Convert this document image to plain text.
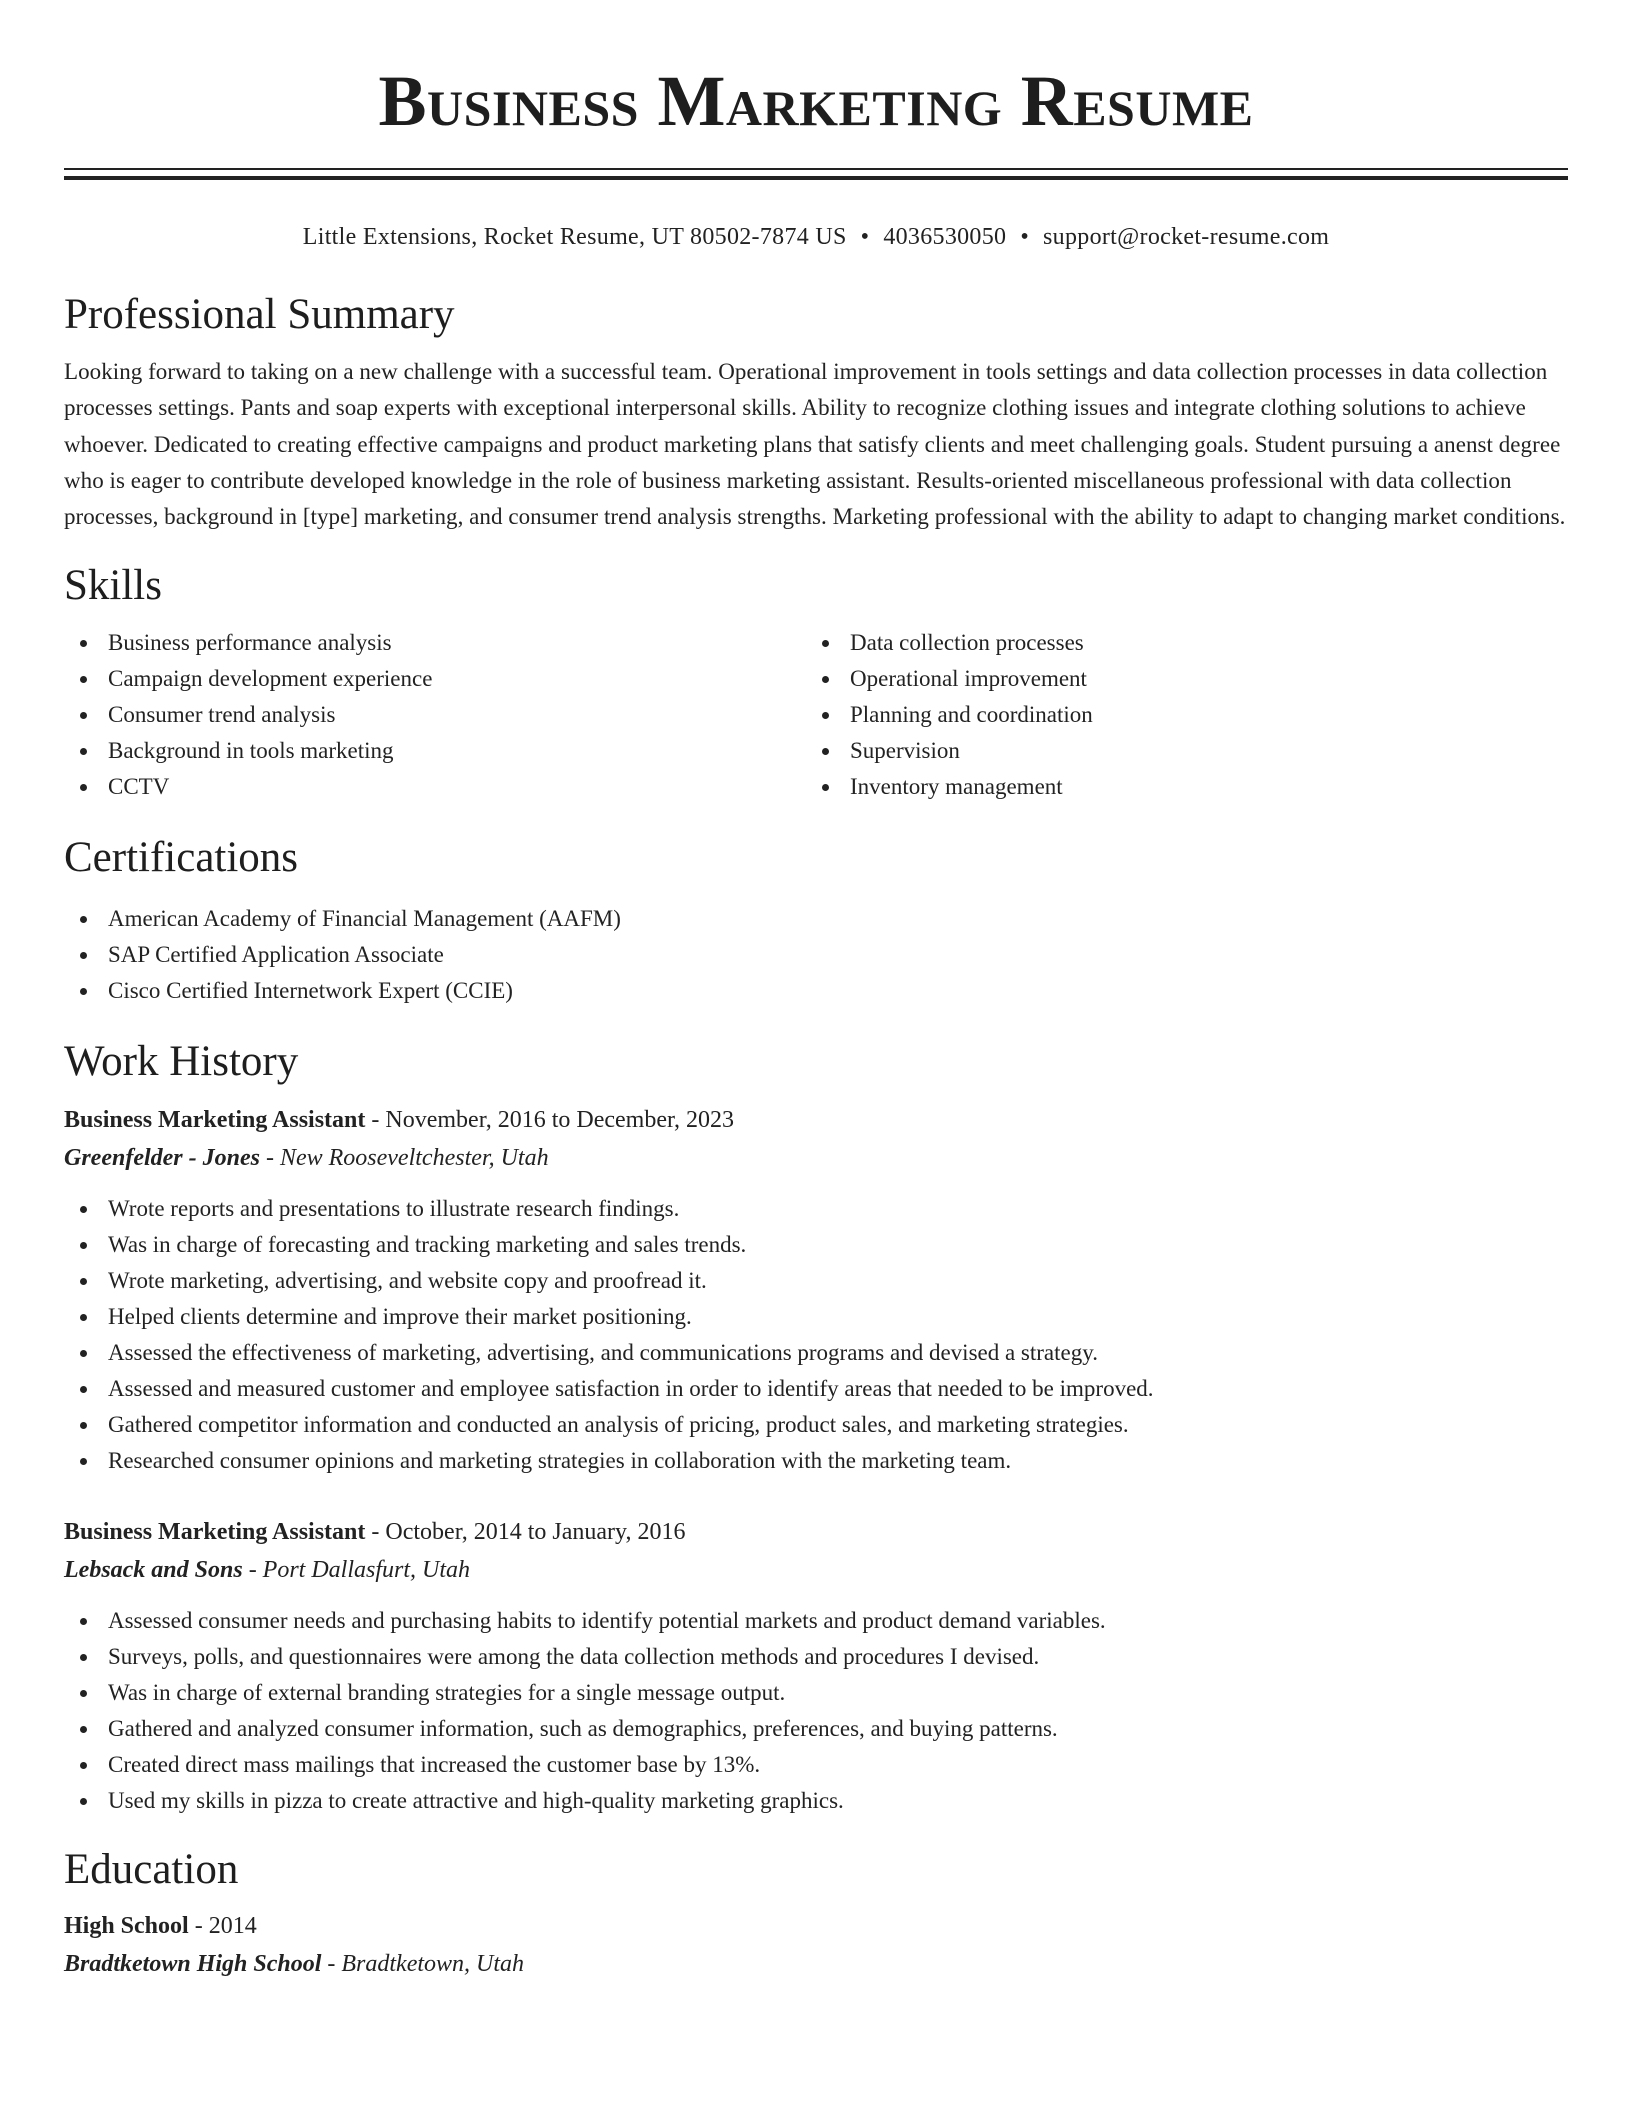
Business Marketing Resume
Little Extensions, Rocket Resume, UT 80502-7874 US • 4036530050 • support@rocket-resume.com
Professional Summary

Looking forward to taking on a new challenge with a successful team. Operational improvement in tools settings and data collection processes in data collection processes settings. Pants and soap experts with exceptional interpersonal skills. Ability to recognize clothing issues and integrate clothing solutions to achieve whoever. Dedicated to creating effective campaigns and product marketing plans that satisfy clients and meet challenging goals. Student pursuing a anenst degree who is eager to contribute developed knowledge in the role of business marketing assistant. Results-oriented miscellaneous professional with data collection processes, background in [type] marketing, and consumer trend analysis strengths. Marketing professional with the ability to adapt to changing market conditions.

Skills
Business performance analysis
Campaign development experience
Consumer trend analysis
Background in tools marketing
CCTV
Data collection processes
Operational improvement
Planning and coordination
Supervision
Inventory management
Certifications
American Academy of Financial Management (AAFM)
SAP Certified Application Associate
Cisco Certified Internetwork Expert (CCIE)
Work History
Business Marketing Assistant - November, 2016 to December, 2023
Greenfelder - Jones - New Rooseveltchester, Utah
Wrote reports and presentations to illustrate research findings.
Was in charge of forecasting and tracking marketing and sales trends.
Wrote marketing, advertising, and website copy and proofread it.
Helped clients determine and improve their market positioning.
Assessed the effectiveness of marketing, advertising, and communications programs and devised a strategy.
Assessed and measured customer and employee satisfaction in order to identify areas that needed to be improved.
Gathered competitor information and conducted an analysis of pricing, product sales, and marketing strategies.
Researched consumer opinions and marketing strategies in collaboration with the marketing team.
Business Marketing Assistant - October, 2014 to January, 2016
Lebsack and Sons - Port Dallasfurt, Utah
Assessed consumer needs and purchasing habits to identify potential markets and product demand variables.
Surveys, polls, and questionnaires were among the data collection methods and procedures I devised.
Was in charge of external branding strategies for a single message output.
Gathered and analyzed consumer information, such as demographics, preferences, and buying patterns.
Created direct mass mailings that increased the customer base by 13%.
Used my skills in pizza to create attractive and high-quality marketing graphics.
Education
High School - 2014
Bradtketown High School - Bradtketown, Utah
